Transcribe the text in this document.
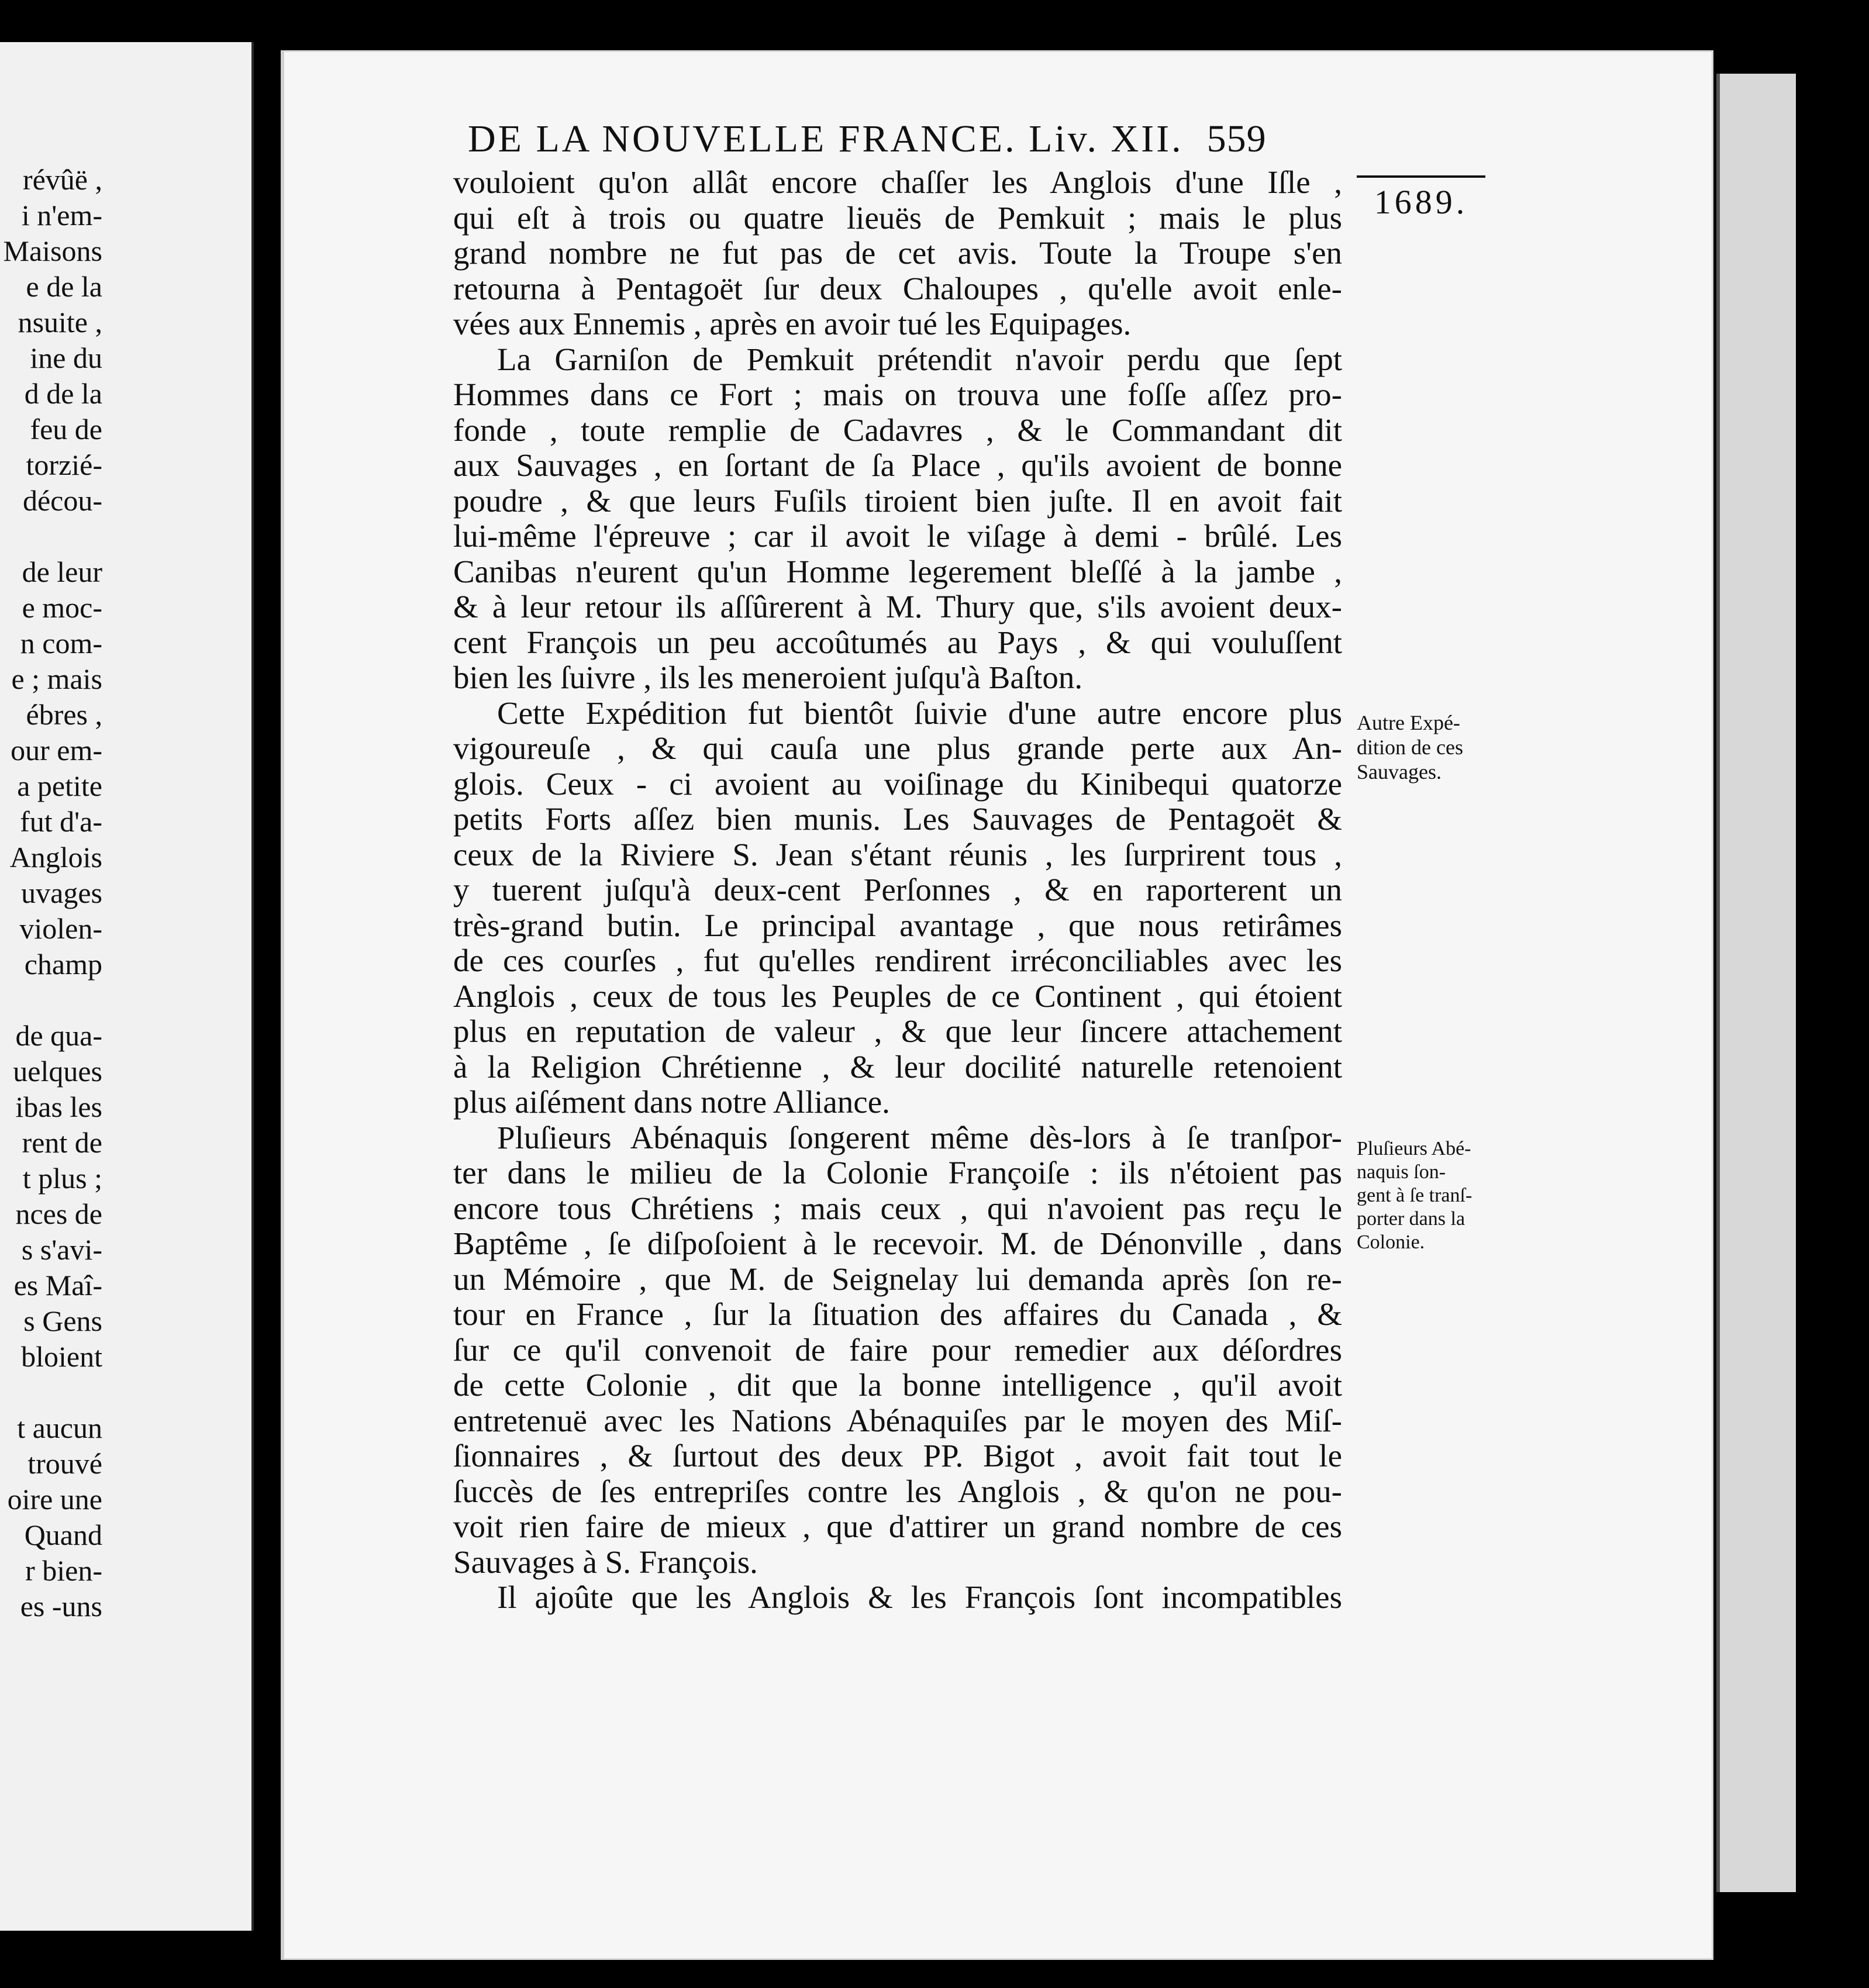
révûë ,
i n'em-
Maisons
e de la
nsuite ,
ine du
d de la
feu de
torzié-
décou-
de leur
e moc-
n com-
e ; mais
ébres ,
our em-
a petite
fut d'a-
Anglois
uvages
violen-
champ
de qua-
uelques
ibas les
rent de
t plus ;
nces de
s s'avi-
es Maî-
s Gens
bloient
t aucun
trouvé
oire une
Quand
r bien-
es -uns
DE LA NOUVELLE FRANCE. Liv. XII. 559
1689.
vouloient qu'on allât encore chaſſer les Anglois d'une Iſle ,
qui eſt à trois ou quatre lieuës de Pemkuit ; mais le plus
grand nombre ne fut pas de cet avis. Toute la Troupe s'en
retourna à Pentagoët ſur deux Chaloupes , qu'elle avoit enle-
vées aux Ennemis , après en avoir tué les Equipages.
La Garniſon de Pemkuit prétendit n'avoir perdu que ſept
Hommes dans ce Fort ; mais on trouva une foſſe aſſez pro-
fonde , toute remplie de Cadavres , & le Commandant dit
aux Sauvages , en ſortant de ſa Place , qu'ils avoient de bonne
poudre , & que leurs Fuſils tiroient bien juſte. Il en avoit fait
lui-même l'épreuve ; car il avoit le viſage à demi - brûlé. Les
Canibas n'eurent qu'un Homme legerement bleſſé à la jambe ,
& à leur retour ils aſſûrerent à M. Thury que, s'ils avoient deux-
cent François un peu accoûtumés au Pays , & qui vouluſſent
bien les ſuivre , ils les meneroient juſqu'à Baſton.
Cette Expédition fut bientôt ſuivie d'une autre encore plus
vigoureuſe , & qui cauſa une plus grande perte aux An-
glois. Ceux - ci avoient au voiſinage du Kinibequi quatorze
petits Forts aſſez bien munis. Les Sauvages de Pentagoët &
ceux de la Riviere S. Jean s'étant réunis , les ſurprirent tous ,
y tuerent juſqu'à deux-cent Perſonnes , & en raporterent un
très-grand butin. Le principal avantage , que nous retirâmes
de ces courſes , fut qu'elles rendirent irréconciliables avec les
Anglois , ceux de tous les Peuples de ce Continent , qui étoient
plus en reputation de valeur , & que leur ſincere attachement
à la Religion Chrétienne , & leur docilité naturelle retenoient
plus aiſément dans notre Alliance.
Pluſieurs Abénaquis ſongerent même dès-lors à ſe tranſpor-
ter dans le milieu de la Colonie Françoiſe : ils n'étoient pas
encore tous Chrétiens ; mais ceux , qui n'avoient pas reçu le
Baptême , ſe diſpoſoient à le recevoir. M. de Dénonville , dans
un Mémoire , que M. de Seignelay lui demanda après ſon re-
tour en France , ſur la ſituation des affaires du Canada , &
ſur ce qu'il convenoit de faire pour remedier aux déſordres
de cette Colonie , dit que la bonne intelligence , qu'il avoit
entretenuë avec les Nations Abénaquiſes par le moyen des Miſ-
ſionnaires , & ſurtout des deux PP. Bigot , avoit fait tout le
ſuccès de ſes entrepriſes contre les Anglois , & qu'on ne pou-
voit rien faire de mieux , que d'attirer un grand nombre de ces
Sauvages à S. François.
Il ajoûte que les Anglois & les François ſont incompatibles
Autre Expé-
dition de ces
Sauvages.
Pluſieurs Abé-
naquis ſon-
gent à ſe tranſ-
porter dans la
Colonie.
